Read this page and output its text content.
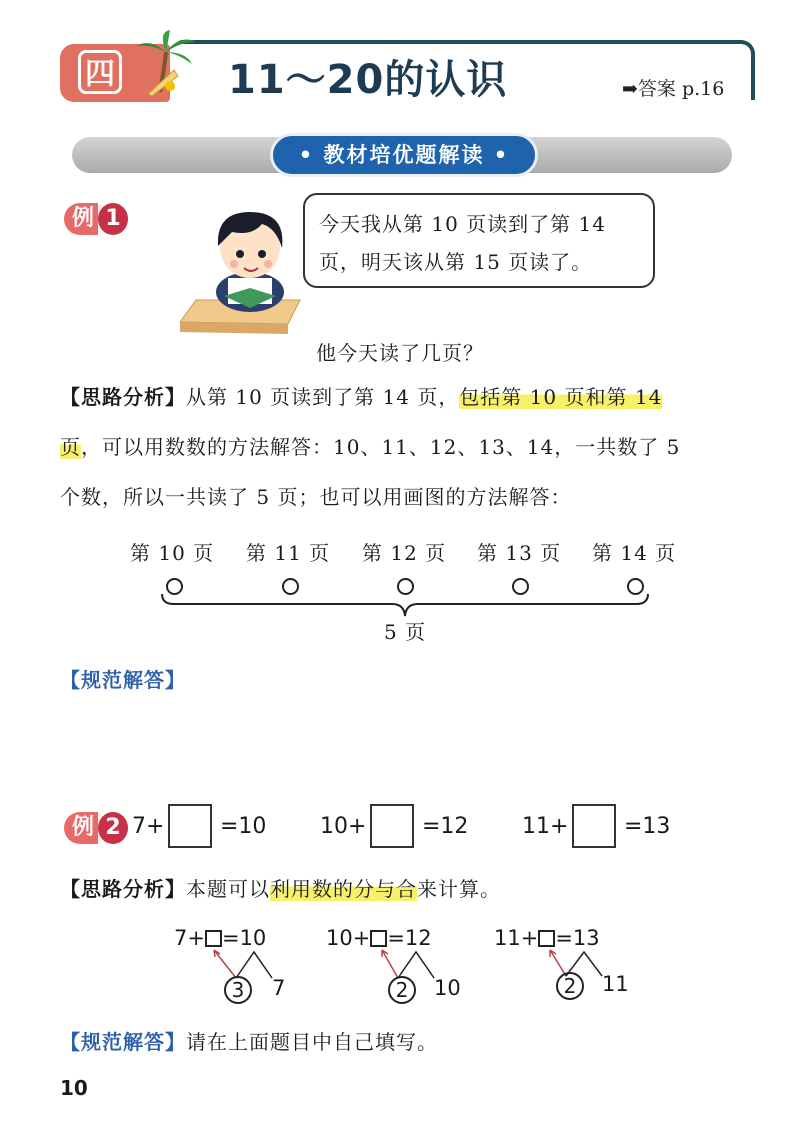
四	11～20的认识	➡答案 p.16
• 教材培优题解读 •
例 1	今天我从第 10 页读到了第 14
页，明天该从第 15 页读了。
他今天读了几页？
【思路分析】从第 10 页读到了第 14 页，包括第 10 页和第 14
页，可以用数数的方法解答：10、11、12、13、14，一共数了 5
个数，所以一共读了 5 页；也可以用画图的方法解答：
第 10 页 第 11 页 第 12 页 第 13 页 第 14 页
5 页
【规范解答】
例 2 7+	=10 10+	=12 11+	=13
【思路分析】本题可以利用数的分与合来计算。
7+ =10
3	7
10+ =12
2	10
11+ =13
2	11
【规范解答】请在上面题目中自己填写。
10
